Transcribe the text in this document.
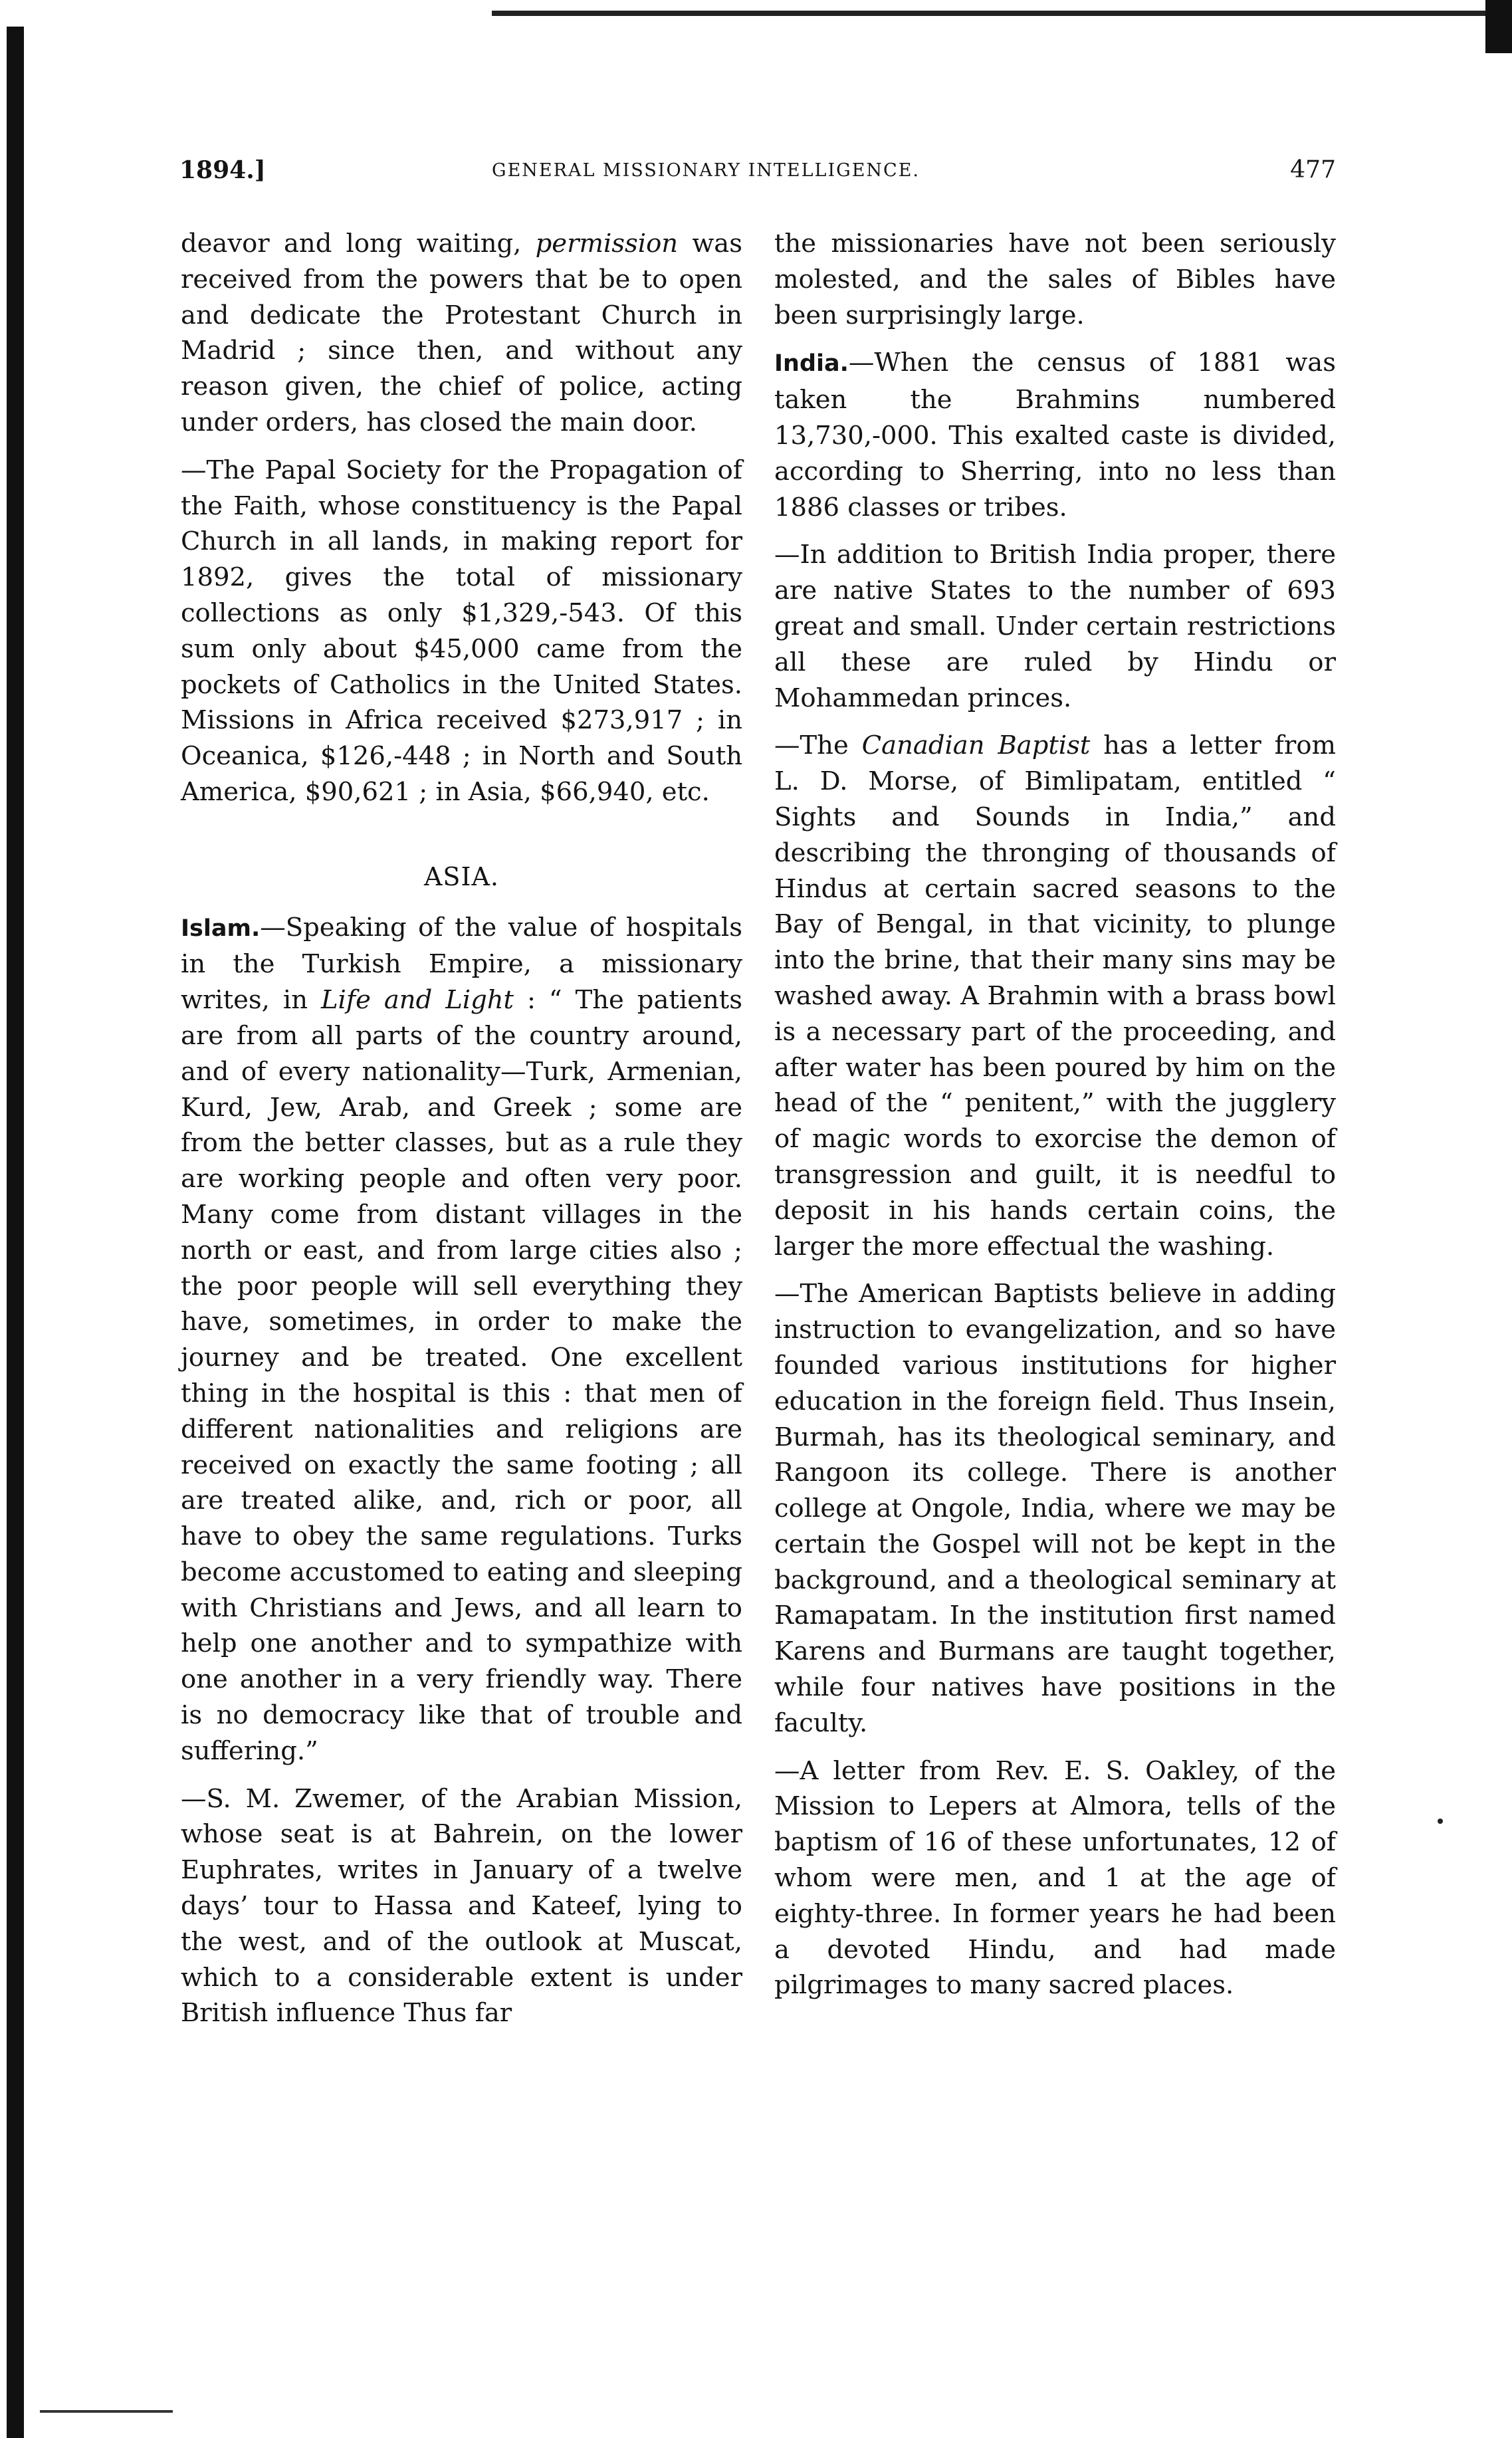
1894.]	GENERAL MISSIONARY INTELLIGENCE.	477

deavor and long waiting, permission was received from the powers that be to open and dedicate the Protestant Church in Madrid ; since then, and without any reason given, the chief of police, acting under orders, has closed the main door.

—The Papal Society for the Propagation of the Faith, whose constituency is the Papal Church in all lands, in making report for 1892, gives the total of missionary collections as only $1,329,-543. Of this sum only about $45,000 came from the pockets of Catholics in the United States. Missions in Africa received $273,917 ; in Oceanica, $126,-448 ; in North and South America, $90,621 ; in Asia, $66,940, etc.

ASIA.

Islam.—Speaking of the value of hospitals in the Turkish Empire, a missionary writes, in Life and Light : “ The patients are from all parts of the country around, and of every nationality—Turk, Armenian, Kurd, Jew, Arab, and Greek ; some are from the better classes, but as a rule they are working people and often very poor. Many come from distant villages in the north or east, and from large cities also ; the poor people will sell everything they have, sometimes, in order to make the journey and be treated. One excellent thing in the hospital is this : that men of different nationalities and religions are received on exactly the same footing ; all are treated alike, and, rich or poor, all have to obey the same regulations. Turks become accustomed to eating and sleeping with Christians and Jews, and all learn to help one another and to sympathize with one another in a very friendly way. There is no democracy like that of trouble and suffering.”

—S. M. Zwemer, of the Arabian Mission, whose seat is at Bahrein, on the lower Euphrates, writes in January of a twelve days’ tour to Hassa and Kateef, lying to the west, and of the outlook at Muscat, which to a considerable extent is under British influence Thus far

the missionaries have not been seriously molested, and the sales of Bibles have been surprisingly large.

India.—When the census of 1881 was taken the Brahmins numbered 13,730,-000. This exalted caste is divided, according to Sherring, into no less than 1886 classes or tribes.

—In addition to British India proper, there are native States to the number of 693 great and small. Under certain restrictions all these are ruled by Hindu or Mohammedan princes.

—The Canadian Baptist has a letter from L. D. Morse, of Bimlipatam, entitled “ Sights and Sounds in India,” and describing the thronging of thousands of Hindus at certain sacred seasons to the Bay of Bengal, in that vicinity, to plunge into the brine, that their many sins may be washed away. A Brahmin with a brass bowl is a necessary part of the proceeding, and after water has been poured by him on the head of the “ penitent,” with the jugglery of magic words to exorcise the demon of transgression and guilt, it is needful to deposit in his hands certain coins, the larger the more effectual the washing.

—The American Baptists believe in adding instruction to evangelization, and so have founded various institutions for higher education in the foreign field. Thus Insein, Burmah, has its theological seminary, and Rangoon its college. There is another college at Ongole, India, where we may be certain the Gospel will not be kept in the background, and a theological seminary at Ramapatam. In the institution first named Karens and Burmans are taught together, while four natives have positions in the faculty.

—A letter from Rev. E. S. Oakley, of the Mission to Lepers at Almora, tells of the baptism of 16 of these unfortunates, 12 of whom were men, and 1 at the age of eighty-three. In former years he had been a devoted Hindu, and had made pilgrimages to many sacred places.
